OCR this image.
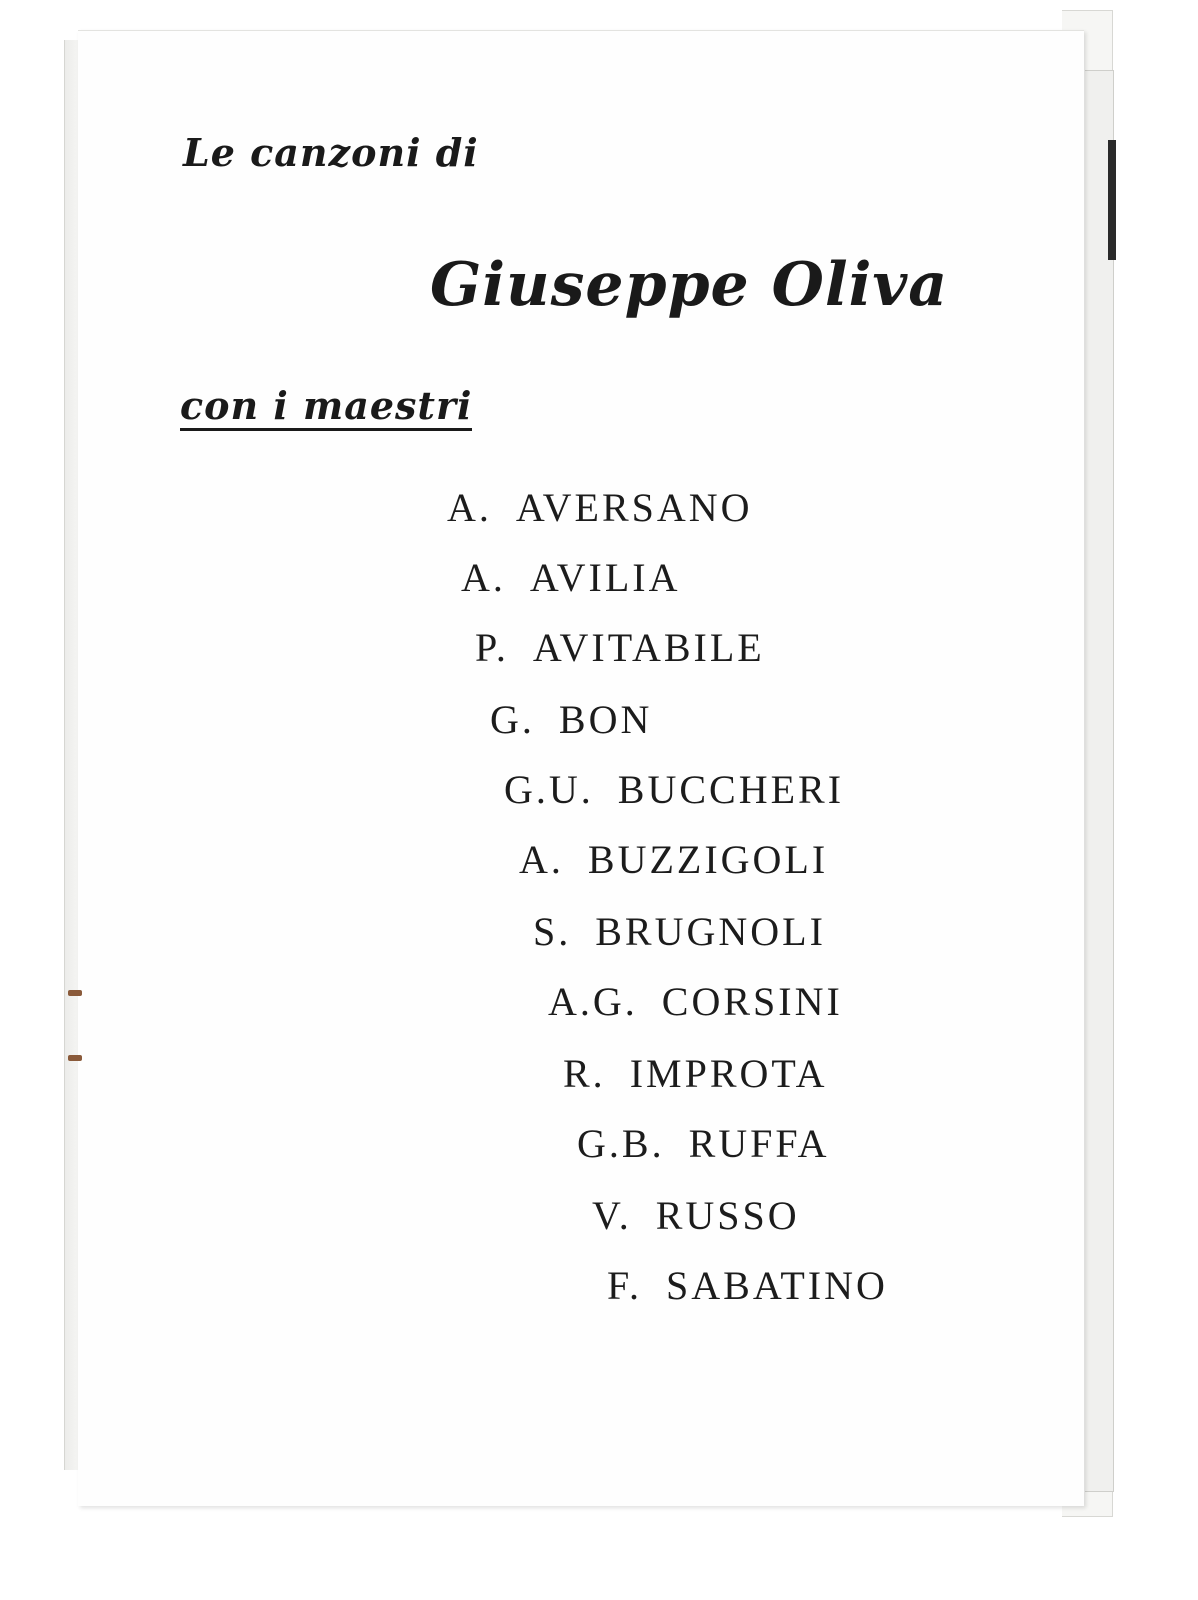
Le canzoni di
Giuseppe Oliva
con i maestri
A. AVERSANO
A. AVILIA
P. AVITABILE
G. BON
G.U. BUCCHERI
A. BUZZIGOLI
S. BRUGNOLI
A.G. CORSINI
R. IMPROTA
G.B. RUFFA
V. RUSSO
F. SABATINO
